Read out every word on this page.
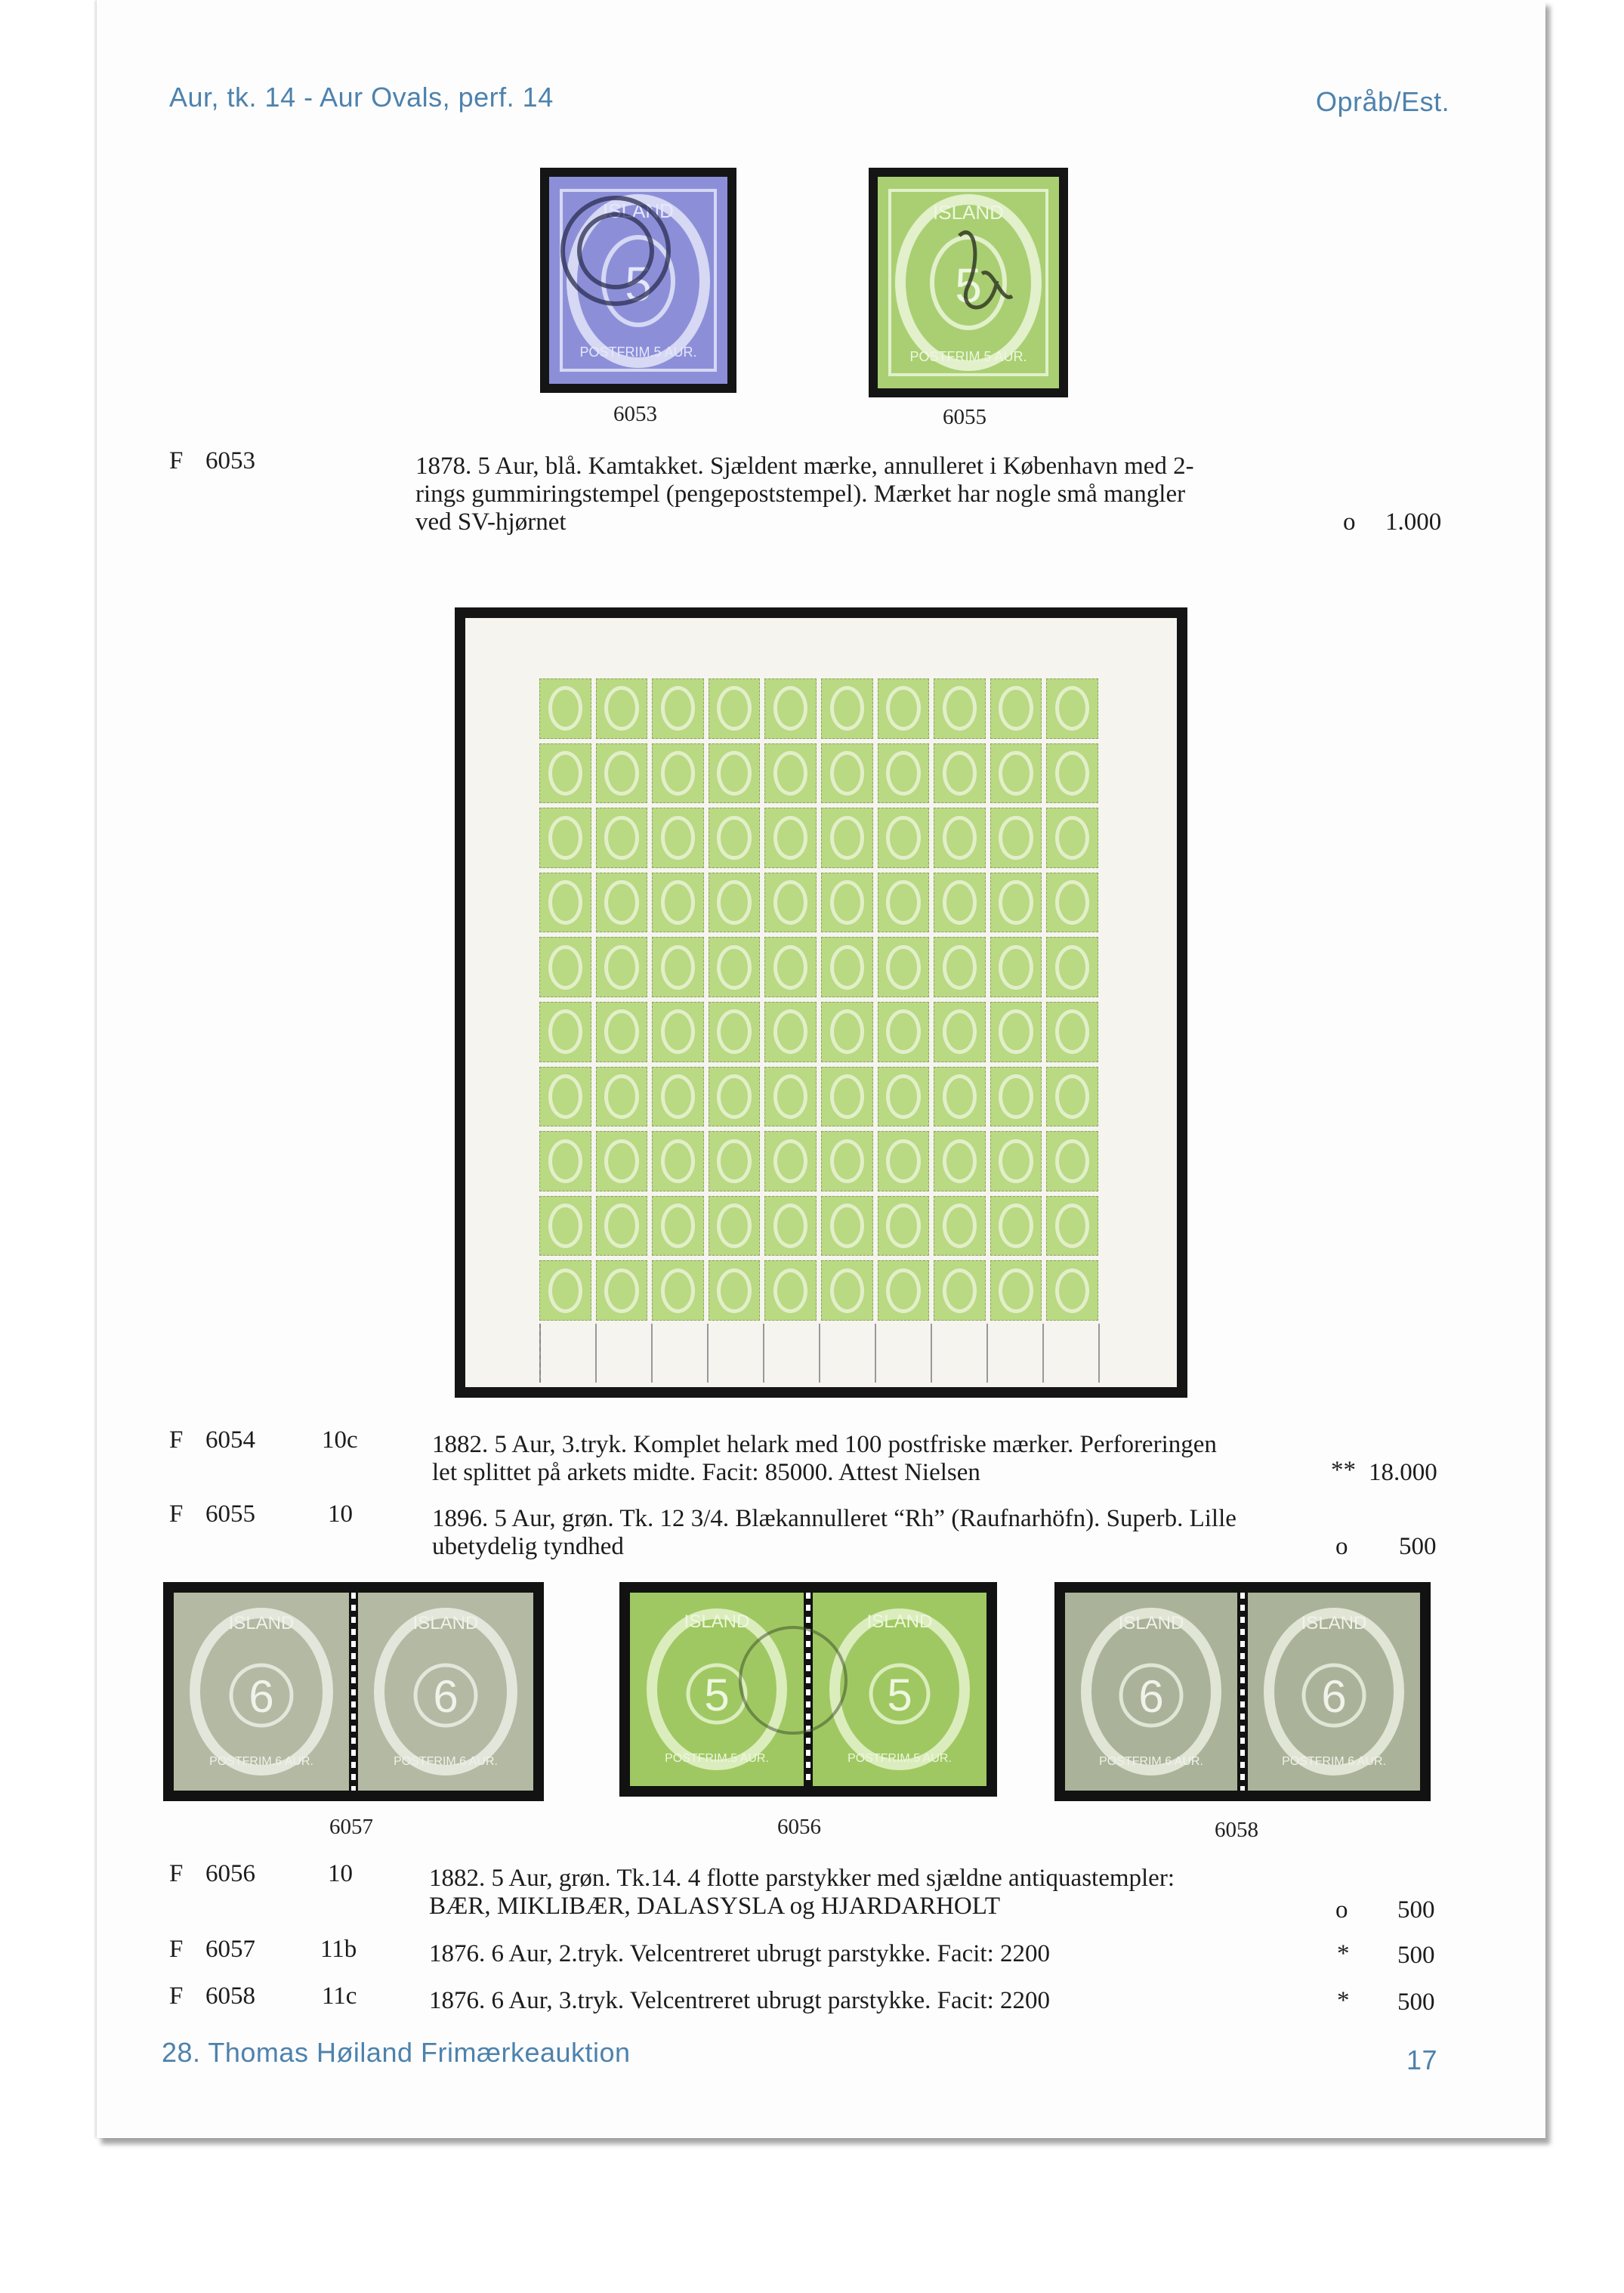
Aur, tk. 14 - Aur Ovals, perf. 14	Opråb/Est.
5
ISLAND
POSTFRIM.5 AUR.
6053
5
ISLAND
POSTFRIM.5 AUR.
6055
F 6053	1878. 5 Aur, blå. Kamtakket. Sjældent mærke, annulleret i København med 2-
rings gummiringstempel (pengepoststempel). Mærket har nogle små mangler
ved SV-hjørnet	o 1.000
F 6054	10c	1882. 5 Aur, 3.tryk. Komplet helark med 100 postfriske mærker. Perforeringen
let splittet på arkets midte. Facit: 85000. Attest Nielsen	** 18.000
F 6055	10	1896. 5 Aur, grøn. Tk. 12 3/4. Blækannulleret “Rh” (Raufnarhöfn). Superb. Lille
ubetydelig tyndhed	o 500
6	6
ISLAND	ISLAND
POSTFRIM.6 AUR.	POSTFRIM.6 AUR.
6057
5	5
ISLAND	ISLAND
POSTFRIM.5 AUR.	POSTFRIM.5 AUR.
6056
6	6
ISLAND	ISLAND
POSTFRIM.6 AUR.	POSTFRIM.6 AUR.
6058
F 6056	10	1882. 5 Aur, grøn. Tk.14. 4 flotte parstykker med sjældne antiquastempler:
BÆR, MIKLIBÆR, DALASYSLA og HJARDARHOLT	o 500
F 6057	11b	1876. 6 Aur, 2.tryk. Velcentreret ubrugt parstykke. Facit: 2200	* 500
F 6058	11c	1876. 6 Aur, 3.tryk. Velcentreret ubrugt parstykke. Facit: 2200	* 500
28. Thomas Høiland Frimærkeauktion	17
